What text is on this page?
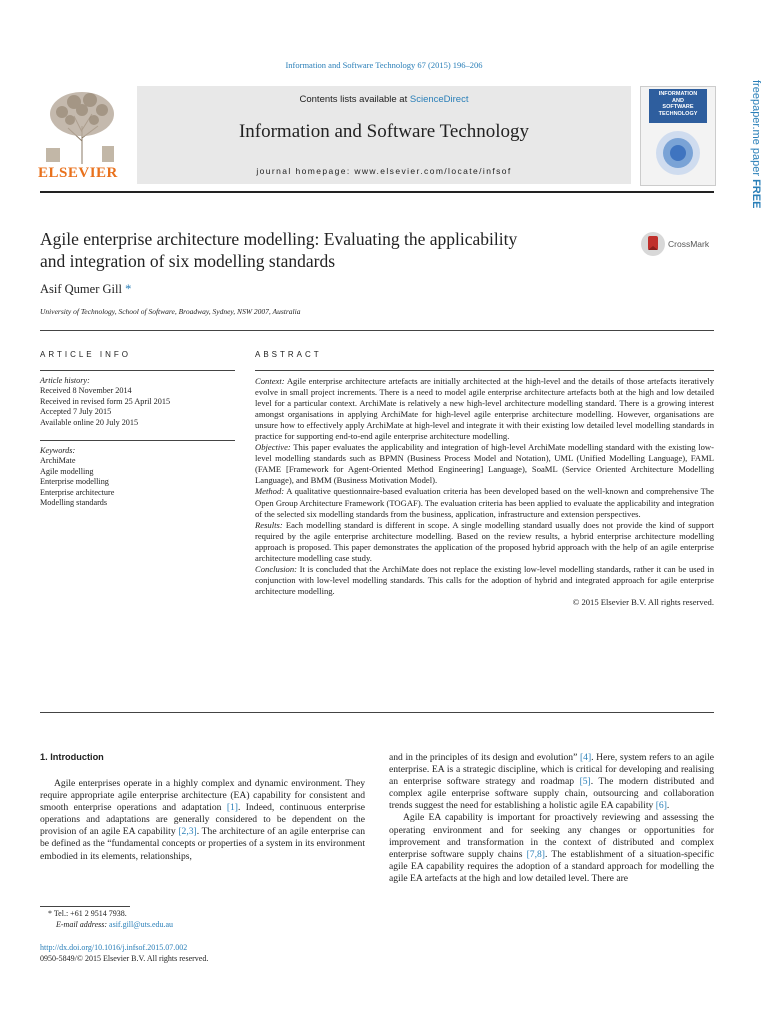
Information and Software Technology 67 (2015) 196–206
ELSEVIER
Contents lists available at ScienceDirect
Information and Software Technology
journal homepage: www.elsevier.com/locate/infsof
INFORMATION
AND
SOFTWARE
TECHNOLOGY	freepaper.me paper FREE
Agile enterprise architecture modelling: Evaluating the applicability
and integration of six modelling standards
CrossMark
Asif Qumer Gill *
University of Technology, School of Software, Broadway, Sydney, NSW 2007, Australia
ARTICLE INFO
Article history:
Received 8 November 2014
Received in revised form 25 April 2015
Accepted 7 July 2015
Available online 20 July 2015
Keywords:
ArchiMate
Agile modelling
Enterprise modelling
Enterprise architecture
Modelling standards
ABSTRACT

Context: Agile enterprise architecture artefacts are initially architected at the high-level and the details of those artefacts iteratively evolve in small project increments. There is a need to model agile enterprise architecture artefacts both at the high and low detailed level for a particular context. ArchiMate is relatively a new high-level architecture modelling standard. There is a growing interest amongst organisations in applying ArchiMate for high-level agile enterprise architecture modelling. However, organisations are unsure how to effectively apply ArchiMate at high-level and integrate it with their existing low detailed level modelling standards in practice for supporting end-to-end agile enterprise architecture modelling.

Objective: This paper evaluates the applicability and integration of high-level ArchiMate modelling standard with the existing low-level modelling standards such as BPMN (Business Process Model and Notation), UML (Unified Modelling Language), FAML (FAME [Framework for Agent-Oriented Method Engineering] Language), SoaML (Service Oriented Architecture Modelling Language), and BMM (Business Motivation Model).

Method: A qualitative questionnaire-based evaluation criteria has been developed based on the well-known and comprehensive The Open Group Architecture Framework (TOGAF). The evaluation criteria has been applied to evaluate the applicability and integration of the selected six modelling standards from the business, application, infrastructure and extension perspectives.

Results: Each modelling standard is different in scope. A single modelling standard usually does not provide the kind of support required by the agile enterprise architecture modelling. Based on the review results, a hybrid enterprise architecture modelling approach is proposed. This paper demonstrates the application of the proposed hybrid approach with the help of an agile enterprise architecture modelling case study.

Conclusion: It is concluded that the ArchiMate does not replace the existing low-level modelling standards, rather it can be used in conjunction with low-level modelling standards. This calls for the adoption of hybrid and integrated approach for agile enterprise architecture modelling.

© 2015 Elsevier B.V. All rights reserved.

1. Introduction

Agile enterprises operate in a highly complex and dynamic environment. They require appropriate agile enterprise architecture (EA) capability for consistent and smooth enterprise operations and adaptation [1]. Indeed, continuous enterprise operations and adaptations are generally considered to be dependent on the provision of an agile EA capability [2,3]. The architecture of an agile enterprise can be defined as the “fundamental concepts or properties of a system in its environment embodied in its elements, relationships,

and in the principles of its design and evolution” [4]. Here, system refers to an agile enterprise. EA is a strategic discipline, which is critical for developing and realising an enterprise software strategy and roadmap [5]. The modern distributed and complex agile enterprise software supply chain, outsourcing and collaboration trends suggest the need for establishing a holistic agile EA capability [6].

Agile EA capability is important for proactively reviewing and assessing the operating environment and for seeking any changes or opportunities for improvement and transformation in the context of distributed and complex enterprise software supply chains [7,8]. The establishment of a situation-specific agile EA capability requires the adoption of a standard approach for modelling the agile EA artefacts at the high and low detailed level. There are

* Tel.: +61 2 9514 7938.
E-mail address: asif.gill@uts.edu.au
http://dx.doi.org/10.1016/j.infsof.2015.07.002
0950-5849/© 2015 Elsevier B.V. All rights reserved.
